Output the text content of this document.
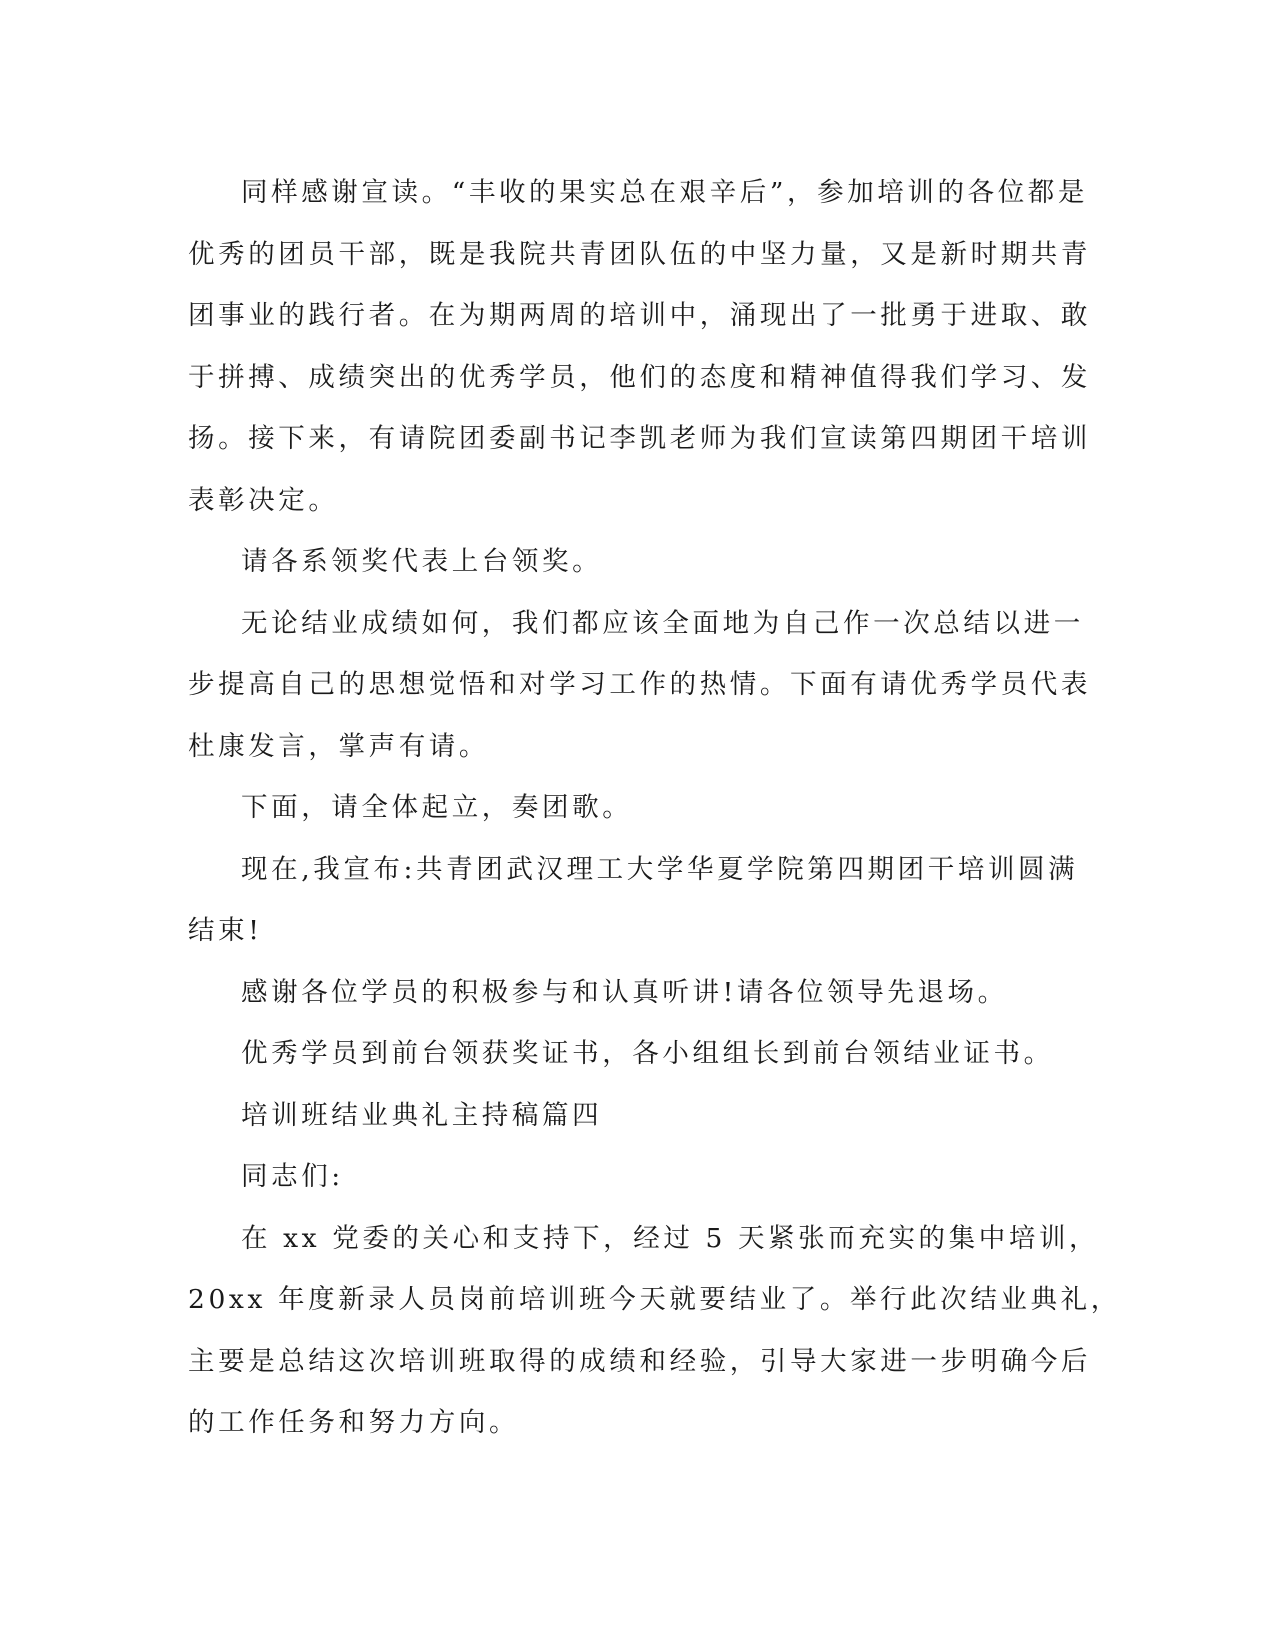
同样感谢宣读。“丰收的果实总在艰辛后”，参加培训的各位都是
优秀的团员干部，既是我院共青团队伍的中坚力量，又是新时期共青
团事业的践行者。在为期两周的培训中，涌现出了一批勇于进取、敢
于拼搏、成绩突出的优秀学员，他们的态度和精神值得我们学习、发
扬。接下来，有请院团委副书记李凯老师为我们宣读第四期团干培训
表彰决定。

请各系领奖代表上台领奖。

无论结业成绩如何，我们都应该全面地为自己作一次总结以进一
步提高自己的思想觉悟和对学习工作的热情。下面有请优秀学员代表
杜康发言，掌声有请。

下面，请全体起立，奏团歌。

现在,我宣布:共青团武汉理工大学华夏学院第四期团干培训圆满
结束!

感谢各位学员的积极参与和认真听讲!请各位领导先退场。

优秀学员到前台领获奖证书，各小组组长到前台领结业证书。

培训班结业典礼主持稿篇四

同志们:

在 xx 党委的关心和支持下，经过 5 天紧张而充实的集中培训，
20xx 年度新录人员岗前培训班今天就要结业了。举行此次结业典礼，
主要是总结这次培训班取得的成绩和经验，引导大家进一步明确今后
的工作任务和努力方向。
